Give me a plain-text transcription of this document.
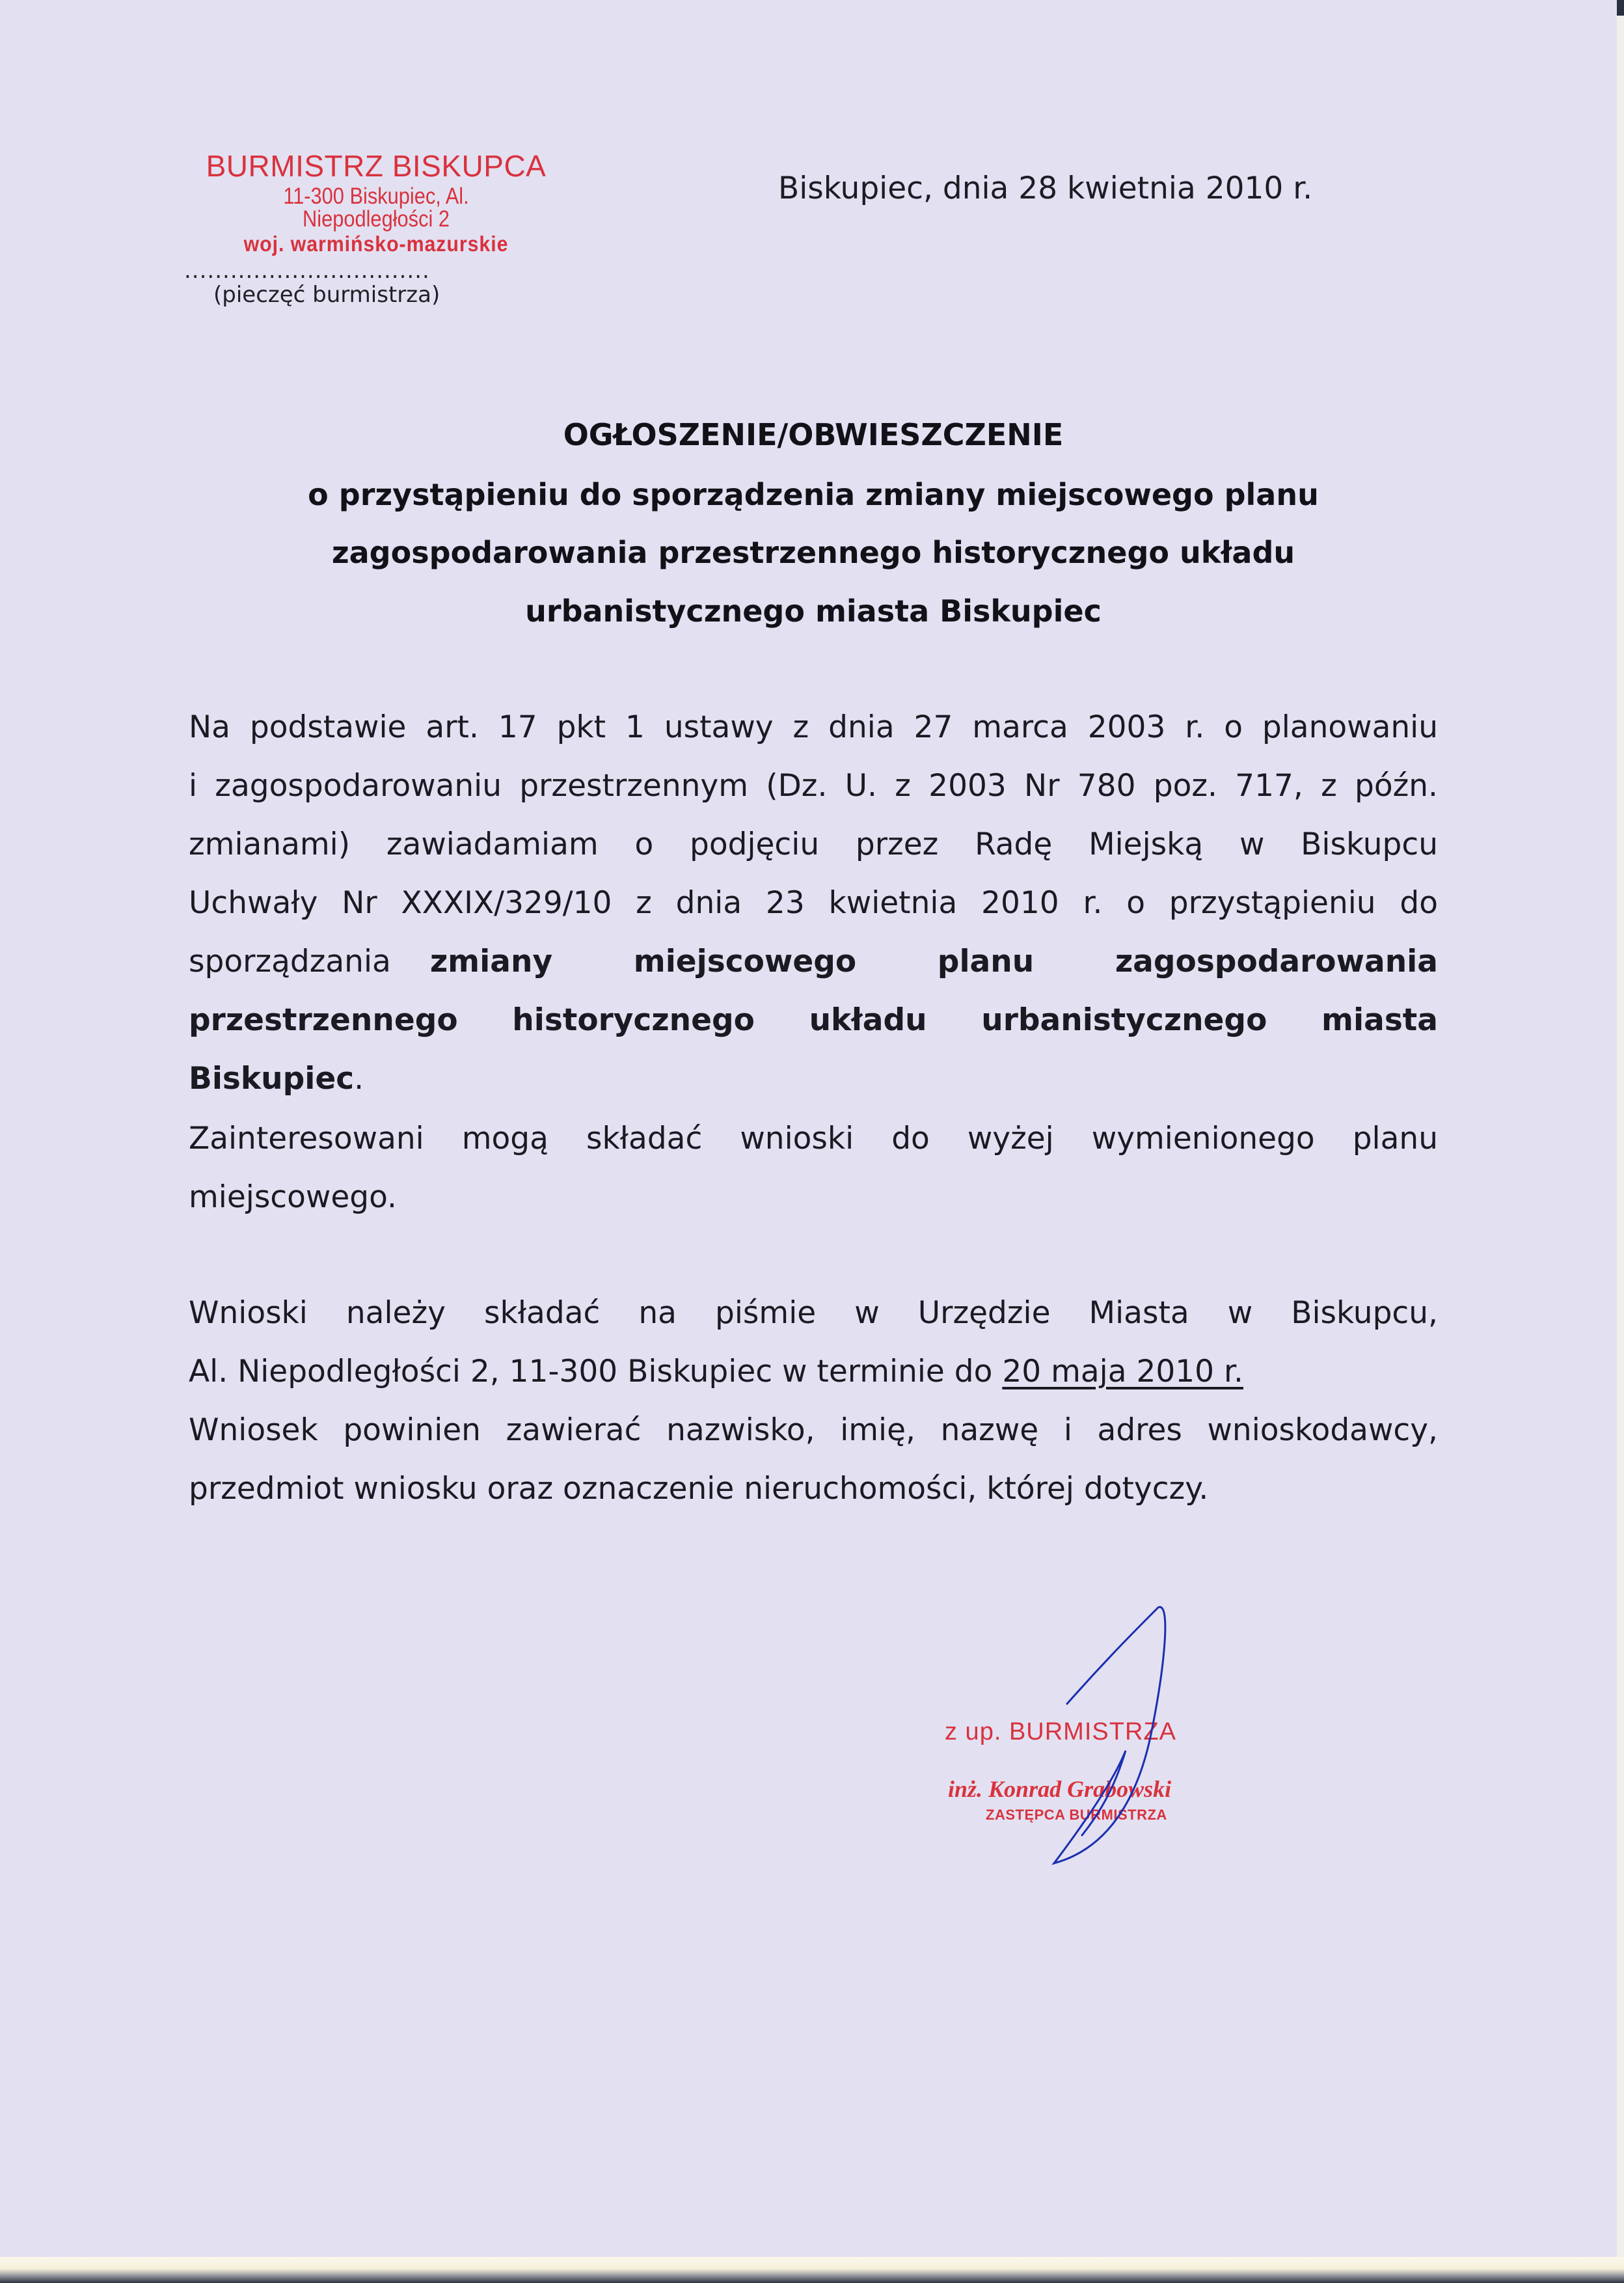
BURMISTRZ BISKUPCA
11-300 Biskupiec, Al. Niepodległości 2
woj. warmińsko-mazurskie
................................
(pieczęć burmistrza)
Biskupiec, dnia 28 kwietnia 2010 r.
OGŁOSZENIE/OBWIESZCZENIE
o przystąpieniu do sporządzenia zmiany miejscowego planu
zagospodarowania przestrzennego historycznego układu
urbanistycznego miasta Biskupiec
Na podstawie art. 17 pkt 1 ustawy z dnia 27 marca 2003 r. o planowaniu
i zagospodarowaniu przestrzennym (Dz. U. z 2003 Nr 780 poz. 717, z późn.
zmianami) zawiadamiam o podjęciu przez Radę Miejską w Biskupcu
Uchwały Nr XXXIX/329/10 z dnia 23 kwietnia 2010 r. o przystąpieniu do
sporządzania zmiany miejscowego planu zagospodarowania
przestrzennego historycznego układu urbanistycznego miasta
Biskupiec.
Zainteresowani mogą składać wnioski do wyżej wymienionego planu
miejscowego.
Wnioski należy składać na piśmie w Urzędzie Miasta w Biskupcu,
Al. Niepodległości 2, 11-300 Biskupiec w terminie do 20 maja 2010 r.
Wniosek powinien zawierać nazwisko, imię, nazwę i adres wnioskodawcy,
przedmiot wniosku oraz oznaczenie nieruchomości, której dotyczy.
z up. BURMISTRZA
inż. Konrad Grabowski
ZASTĘPCA BURMISTRZA
